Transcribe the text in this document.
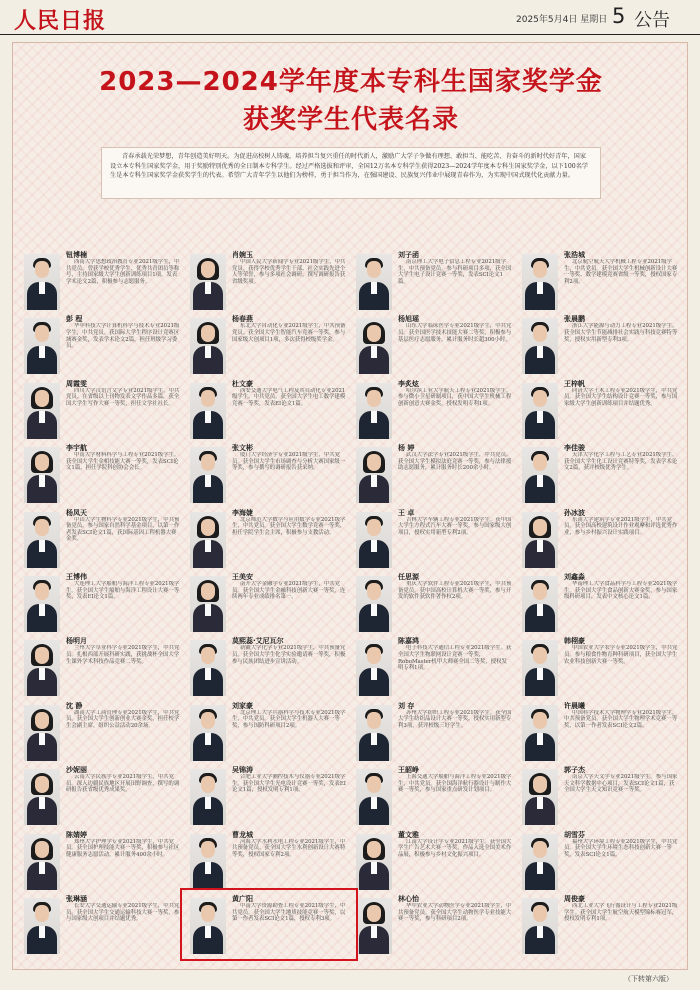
人民日报	2025年5月4日 星期日 5 公告
2023—2024学年度本专科生国家奖学金
获奖学生代表名录
青春承载光荣梦想，青年创造美好明天。为促进高校树人铸魂，培养担当复兴重任的时代新人，激励广大学子争做有理想、敢担当、能吃苦、肯奋斗的新时代好青年，国家设立本专科生国家奖学金，用于奖励特别优秀的全日制本专科学生。经过严格选拔和评审，全国12万名本专科学生获得2023—2024学年度本专科生国家奖学金，以下100名学生是本专科生国家奖学金获奖学生的代表。希望广大青年学生以他们为榜样，勇于担当作为，在强国建设、民族复兴伟业中展现青春作为，为实现中国式现代化贡献力量。
钮博楠
西南大学思想政治教育专业2021级学生，中共党员。曾获学校优秀学生、优秀共青团员等称号，主持国家级大学生创新训练项目1项，发表学术论文2篇，积极参与志愿服务。
肖婉玉
中国人民大学新闻学专业2021级学生，中共党员。获得学校优秀学生干部、社会实践先进个人等荣誉，参与多项社会调研，撰写调研报告获省级奖项。
刘子函
南京理工大学电子信息工程专业2021级学生，中共预备党员。参与科研项目多项，获全国大学生电子设计竞赛一等奖，发表SCI论文1篇。
张浩城
北京航空航天大学机械工程专业2021级学生，中共党员。获全国大学生机械创新设计大赛一等奖、数学建模竞赛省级一等奖，授权国家专利2项。
彭 程
华中科技大学计算机科学与技术专业2021级学生，中共党员。获国际大学生程序设计竞赛区域赛金奖，发表学术论文2篇，担任班级学习委员。
杨春燕
东北大学自动化专业2021级学生，中共预备党员。获全国大学生智能汽车竞赛一等奖，参与国家级大创项目1项，多次获得校级奖学金。
杨旭瑶
山东大学临床医学专业2021级学生，中共党员。获全国医学技术技能大赛二等奖，积极参与基层医疗志愿服务，累计服务时长超300小时。
张晨鹏
浙江大学能源与动力工程专业2021级学生。获全国大学生节能减排社会实践与科技竞赛特等奖，授权实用新型专利3项。
周霞雯
四川大学汉语言文学专业2021级学生，中共党员。在省级以上刊物发表文学作品多篇，获全国大学生写作大赛一等奖，担任文学社社长。
杜文豪
西安交通大学电气工程及其自动化专业2021级学生，中共党员。获全国大学生电工数学建模竞赛一等奖，发表EI论文1篇。
李炙炫
哈尔滨工业大学航天工程专业2021级学生。参与微小卫星研制项目，获中国大学生机械工程创新创意大赛金奖，授权发明专利1项。
王梓帆
同济大学土木工程专业2021级学生，中共党员。获全国大学生结构设计竞赛一等奖，参与国家级大学生创新训练项目并结题优秀。
李宇航
中南大学材料科学与工程专业2021级学生。获全国大学生金相技能大赛一等奖，发表SCI论文1篇，担任学院科创协会会长。
张文彬
厦门大学经济学专业2021级学生，中共党员。获全国大学生市场调查与分析大赛国家级一等奖，参与撰写的调研报告获采纳。
杨 婷
武汉大学法学专业2021级学生，中共党员。获全国大学生模拟法庭竞赛一等奖，参与法律援助志愿服务，累计服务时长200余小时。
李佳骏
天津大学化学工程与工艺专业2021级学生。获全国大学生化工设计竞赛特等奖，发表学术论文2篇，获评校级优秀学生。
杨凤天
中山大学生物科学专业2021级学生，中共预备党员。参与国家自然科学基金项目，以第一作者发表SCI论文1篇，获国际基因工程机器大赛金奖。
李海婕
北京师范大学数学与应用数学专业2021级学生，中共党员。获全国大学生数学竞赛一等奖，担任学院学生会主席，积极参与支教活动。
王 卓
吉林大学车辆工程专业2021级学生。获中国大学生方程式汽车大赛一等奖，参与国家级大创项目，授权实用新型专利2项。
孙冰波
东南大学建筑学专业2021级学生，中共党员。获全国高校建筑设计作业观摩和评选优秀作业，参与乡村振兴设计实践项目。
王博伟
大连理工大学船舶与海洋工程专业2021级学生。获全国大学生船舶与海洋工程设计大赛一等奖，发表EI论文1篇。
王美安
南开大学金融学专业2021级学生，中共党员。获全国大学生金融科技创新大赛一等奖，连续两年专业成绩排名第一。
任思源
重庆大学软件工程专业2021级学生，中共预备党员。获中国高校计算机大赛一等奖，参与开发的软件获软件著作权2项。
刘鑫淼
华南理工大学食品科学与工程专业2021级学生。获全国大学生食品创新大赛金奖，参与国家级科研项目，发表中文核心论文1篇。
杨明月
兰州大学草业科学专业2021级学生，中共党员。扎根西部开展科研实践，获挑战杯全国大学生课外学术科技作品竞赛二等奖。
莫熙蕊·艾尼瓦尔
新疆大学化学专业2021级学生，中共预备党员。获全国大学生化学实验邀请赛一等奖，积极参与民族团结进步宣讲活动。
陈嘉鸿
电子科技大学通信工程专业2021级学生。获全国大学生物联网设计竞赛一等奖，RoboMaster机甲大师赛全国二等奖，授权发明专利1项。
韩栩豪
中国农业大学农学专业2021级学生，中共党员。参与粮食作物育种科研项目，获全国大学生农业科技创新大赛一等奖。
沈 静
湖南大学工商管理专业2021级学生，中共党员。获全国大学生创新创业大赛金奖，担任校学生会副主席，组织公益活动20余场。
刘家豪
北京理工大学兵器科学与技术专业2021级学生，中共党员。获全国大学生机器人大赛一等奖，参与国防科研项目2项。
刘 存
苏州大学纺织工程专业2021级学生。获全国大学生纺织品设计大赛一等奖，授权实用新型专利3项，获评校级三好学生。
许晨曦
中国科学技术大学物理学专业2021级学生，中共预备党员。获全国大学生物理学术竞赛一等奖，以第一作者发表SCI论文2篇。
沙妮丽
云南大学民族学专业2021级学生，中共党员。深入边疆民族地区开展田野调查，撰写的调研报告获省级优秀成果奖。
吴锦涛
合肥工业大学测控技术与仪器专业2021级学生。获全国大学生光电设计竞赛一等奖，发表EI论文1篇，授权发明专利1项。
王韶峥
上海交通大学船舶与海洋工程专业2021级学生，中共党员。获全国海洋航行器设计与制作大赛一等奖，参与国家重点研发计划项目。
郭子杰
南京大学天文学专业2021级学生。参与国家天文科学数据中心项目，发表SCI论文1篇，获全国大学生天文知识竞赛一等奖。
陈婧婷
郑州大学护理学专业2021级学生，中共党员。获全国护理技能大赛一等奖，积极参与社区健康服务志愿活动，累计服务400余小时。
曹龙城
河海大学水利水电工程专业2021级学生，中共预备党员。获全国大学生水利创新设计大赛特等奖，授权国家专利2项。
董文雅
江南大学设计学专业2021级学生。获全国大学生广告艺术大赛一等奖，作品入选全国美术作品展，积极参与乡村文化振兴项目。
胡雪芬
福州大学环境工程专业2021级学生，中共党员。获全国大学生环境生态科技创新大赛一等奖，发表SCI论文1篇。
张琳涵
长安大学交通运输专业2021级学生，中共党员。获全国大学生交通运输科技大赛一等奖，参与国家级大创项目并结题优秀。
黄广阳
中南大学资源勘查工程专业2021级学生，中共党员。获全国大学生地质技能竞赛一等奖，以第一作者发表SCI论文1篇，授权专利3项。
林心怡
华中农业大学动物医学专业2021级学生，中共预备党员。获全国大学生动物医学专业技能大赛一等奖，参与科研项目2项。
周俊豪
西北工业大学飞行器设计与工程专业2021级学生。获全国大学生航空航天模型锦标赛冠军，授权发明专利1项。
（下转第六版）
